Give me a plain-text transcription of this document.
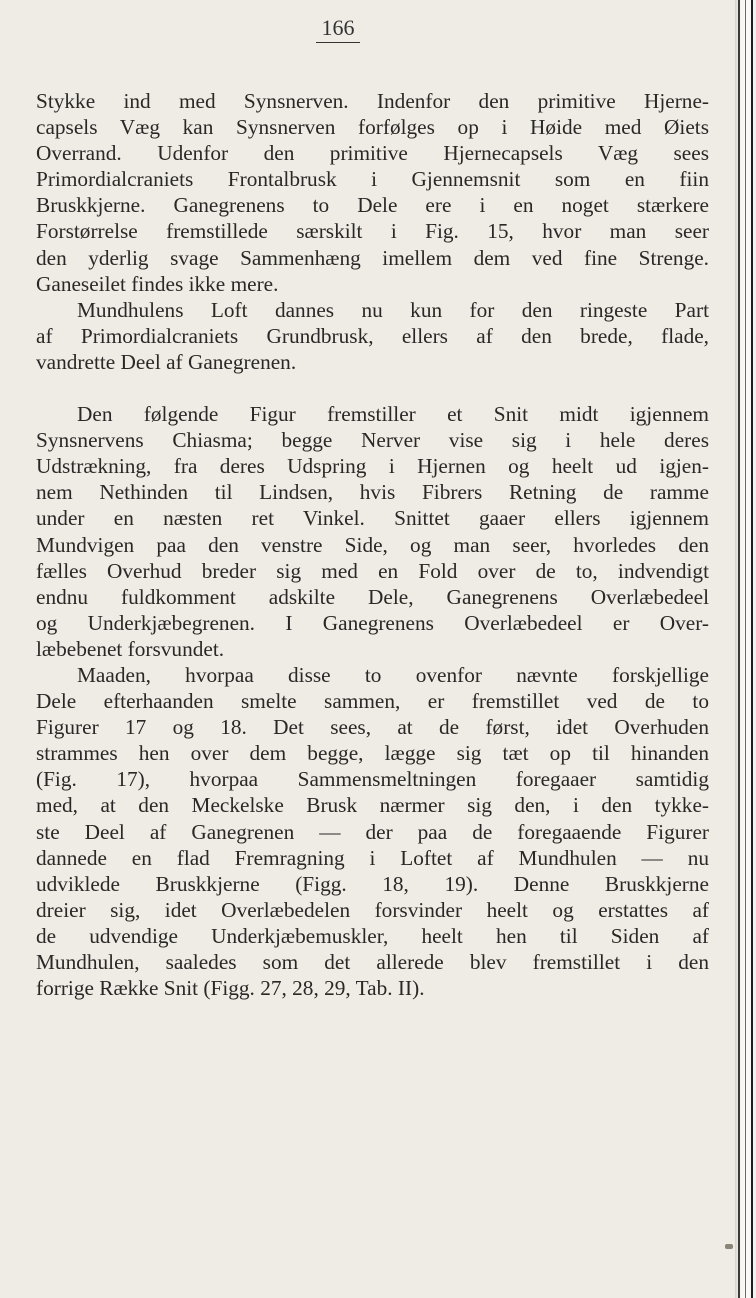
166
Stykke ind med Synsnerven. Indenfor den primitive Hjerne-
capsels Væg kan Synsnerven forfølges op i Høide med Øiets
Overrand. Udenfor den primitive Hjernecapsels Væg sees
Primordialcraniets Frontalbrusk i Gjennemsnit som en fiin
Bruskkjerne. Ganegrenens to Dele ere i en noget stærkere
Forstørrelse fremstillede særskilt i Fig. 15, hvor man seer
den yderlig svage Sammenhæng imellem dem ved fine Strenge.
Ganeseilet findes ikke mere.
Mundhulens Loft dannes nu kun for den ringeste Part
af Primordialcraniets Grundbrusk, ellers af den brede, flade,
vandrette Deel af Ganegrenen.
Den følgende Figur fremstiller et Snit midt igjennem
Synsnervens Chiasma; begge Nerver vise sig i hele deres
Udstrækning, fra deres Udspring i Hjernen og heelt ud igjen-
nem Nethinden til Lindsen, hvis Fibrers Retning de ramme
under en næsten ret Vinkel. Snittet gaaer ellers igjennem
Mundvigen paa den venstre Side, og man seer, hvorledes den
fælles Overhud breder sig med en Fold over de to, indvendigt
endnu fuldkomment adskilte Dele, Ganegrenens Overlæbedeel
og Underkjæbegrenen. I Ganegrenens Overlæbedeel er Over-
læbebenet forsvundet.
Maaden, hvorpaa disse to ovenfor nævnte forskjellige
Dele efterhaanden smelte sammen, er fremstillet ved de to
Figurer 17 og 18. Det sees, at de først, idet Overhuden
strammes hen over dem begge, lægge sig tæt op til hinanden
(Fig. 17), hvorpaa Sammensmeltningen foregaaer samtidig
med, at den Meckelske Brusk nærmer sig den, i den tykke-
ste Deel af Ganegrenen — der paa de foregaaende Figurer
dannede en flad Fremragning i Loftet af Mundhulen — nu
udviklede Bruskkjerne (Figg. 18, 19). Denne Bruskkjerne
dreier sig, idet Overlæbedelen forsvinder heelt og erstattes af
de udvendige Underkjæbemuskler, heelt hen til Siden af
Mundhulen, saaledes som det allerede blev fremstillet i den
forrige Række Snit (Figg. 27, 28, 29, Tab. II).
